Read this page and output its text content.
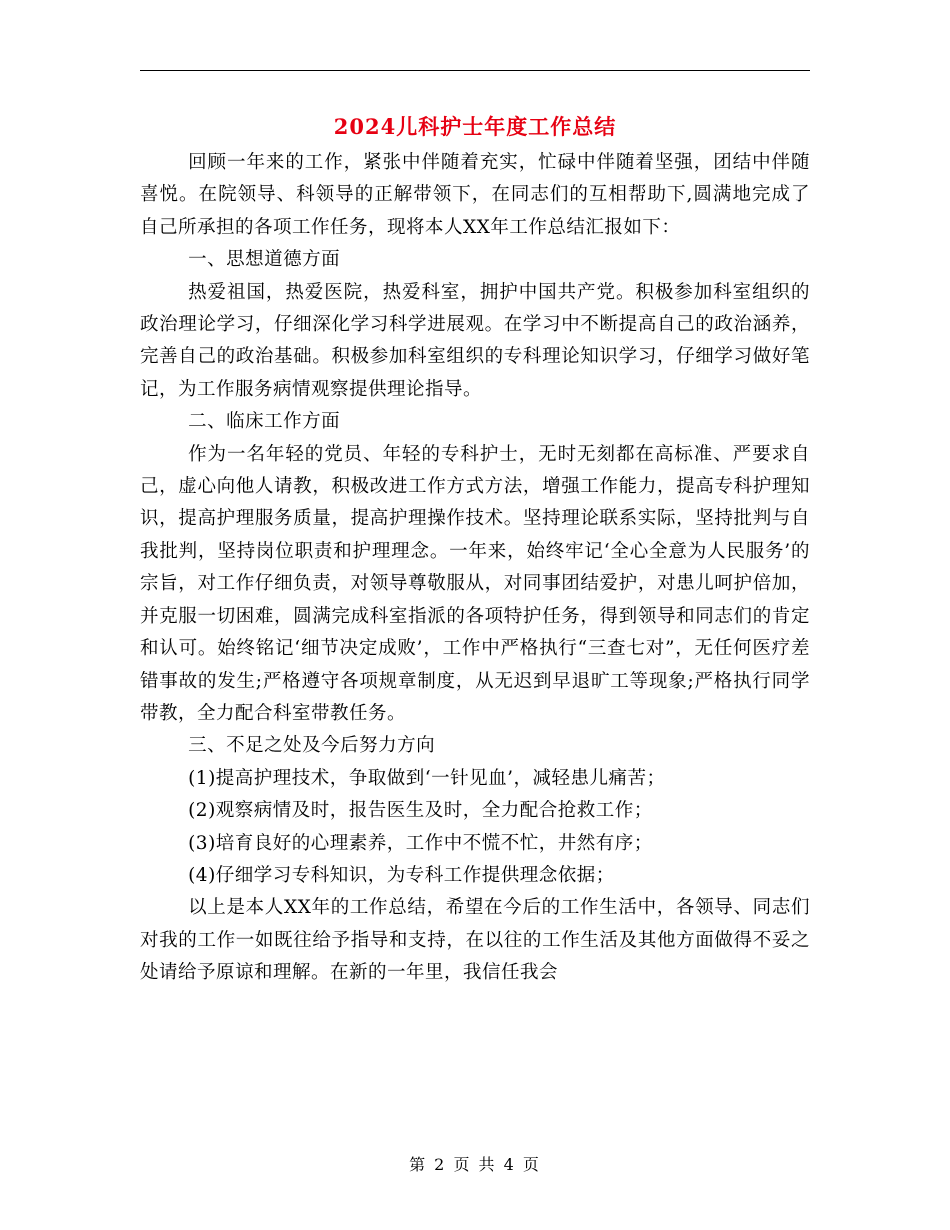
2024儿科护士年度工作总结

回顾一年来的工作，紧张中伴随着充实，忙碌中伴随着坚强，团结中伴随喜悦。在院领导、科领导的正解带领下，在同志们的互相帮助下,圆满地完成了自己所承担的各项工作任务，现将本人XX年工作总结汇报如下：

一、思想道德方面

热爱祖国，热爱医院，热爱科室，拥护中国共产党。积极参加科室组织的政治理论学习，仔细深化学习科学进展观。在学习中不断提高自己的政治涵养，完善自己的政治基础。积极参加科室组织的专科理论知识学习，仔细学习做好笔记，为工作服务病情观察提供理论指导。

二、临床工作方面

作为一名年轻的党员、年轻的专科护士，无时无刻都在高标准、严要求自己，虚心向他人请教，积极改进工作方式方法，增强工作能力，提高专科护理知识，提高护理服务质量，提高护理操作技术。坚持理论联系实际，坚持批判与自我批判，坚持岗位职责和护理理念。一年来，始终牢记‘全心全意为人民服务’的宗旨，对工作仔细负责，对领导尊敬服从，对同事团结爱护，对患儿呵护倍加，并克服一切困难，圆满完成科室指派的各项特护任务，得到领导和同志们的肯定和认可。始终铭记‘细节决定成败’，工作中严格执行“三查七对”，无任何医疗差错事故的发生;严格遵守各项规章制度，从无迟到早退旷工等现象;严格执行同学带教，全力配合科室带教任务。

三、不足之处及今后努力方向

(1)提高护理技术，争取做到‘一针见血’，减轻患儿痛苦；

(2)观察病情及时，报告医生及时，全力配合抢救工作；

(3)培育良好的心理素养，工作中不慌不忙，井然有序；

(4)仔细学习专科知识，为专科工作提供理念依据；

以上是本人XX年的工作总结，希望在今后的工作生活中，各领导、同志们对我的工作一如既往给予指导和支持，在以往的工作生活及其他方面做得不妥之处请给予原谅和理解。在新的一年里，我信任我会

第 2 页 共 4 页
